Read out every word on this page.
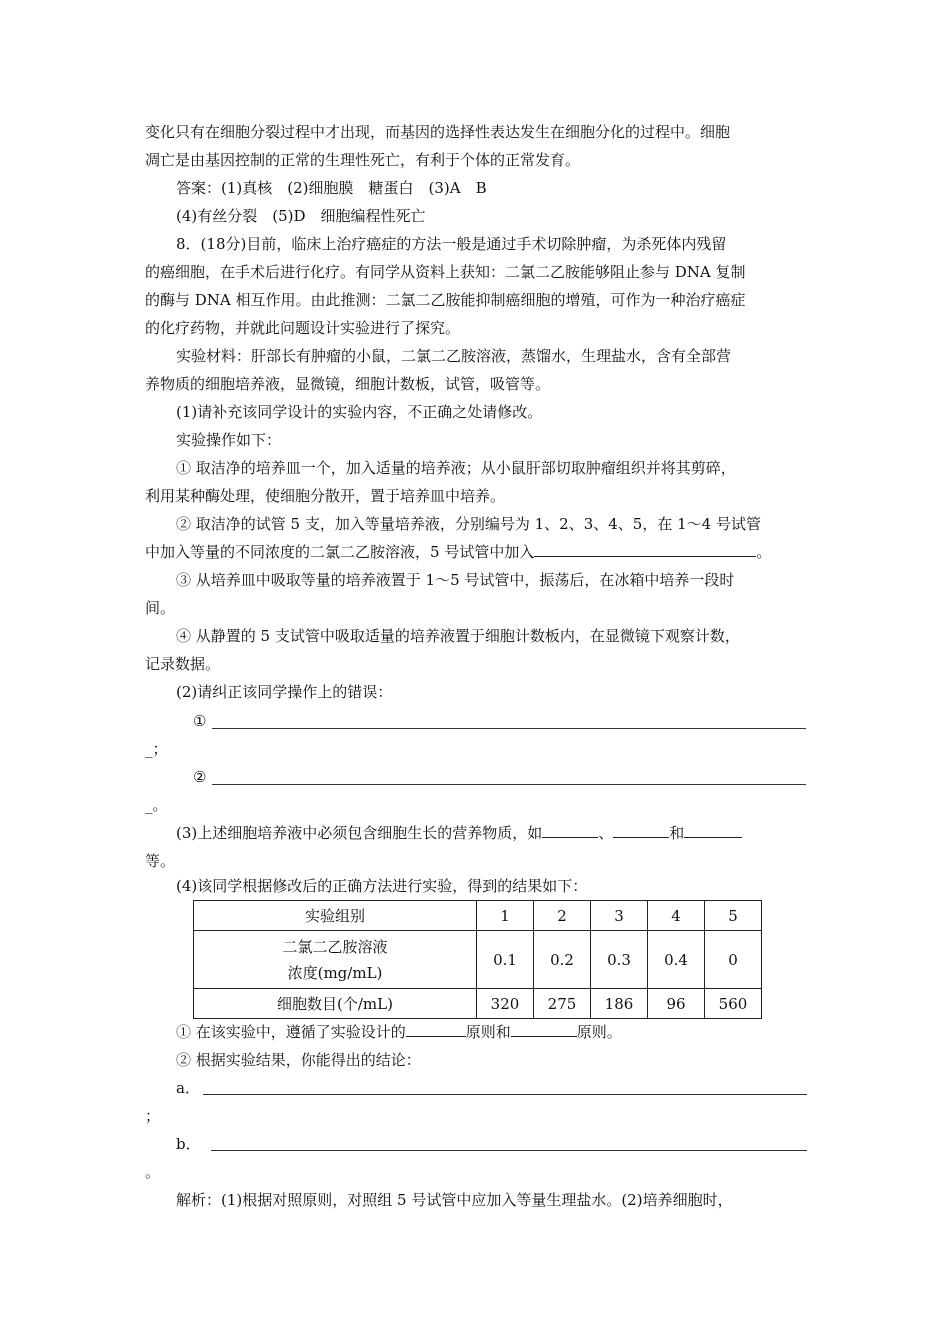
变化只有在细胞分裂过程中才出现，而基因的选择性表达发生在细胞分化的过程中。细胞
凋亡是由基因控制的正常的生理性死亡，有利于个体的正常发育。
答案：(1)真核　(2)细胞膜　糖蛋白　(3)A　B
(4)有丝分裂　(5)D　细胞编程性死亡
8．(18分)目前，临床上治疗癌症的方法一般是通过手术切除肿瘤，为杀死体内残留
的癌细胞，在手术后进行化疗。有同学从资料上获知：二氯二乙胺能够阻止参与 DNA 复制
的酶与 DNA 相互作用。由此推测：二氯二乙胺能抑制癌细胞的增殖，可作为一种治疗癌症
的化疗药物，并就此问题设计实验进行了探究。
实验材料：肝部长有肿瘤的小鼠，二氯二乙胺溶液，蒸馏水，生理盐水，含有全部营
养物质的细胞培养液，显微镜，细胞计数板，试管，吸管等。
(1)请补充该同学设计的实验内容，不正确之处请修改。
实验操作如下：
① 取洁净的培养皿一个，加入适量的培养液；从小鼠肝部切取肿瘤组织并将其剪碎，
利用某种酶处理，使细胞分散开，置于培养皿中培养。
② 取洁净的试管 5 支，加入等量培养液，分别编号为 1、2、3、4、5，在 1～4 号试管
中加入等量的不同浓度的二氯二乙胺溶液，5 号试管中加入	。
③ 从培养皿中吸取等量的培养液置于 1～5 号试管中，振荡后，在冰箱中培养一段时
间。
④ 从静置的 5 支试管中吸取适量的培养液置于细胞计数板内，在显微镜下观察计数，
记录数据。
(2)请纠正该同学操作上的错误：
①
_；
②
_。
(3)上述细胞培养液中必须包含细胞生长的营养物质，如	、	和
等。
(4)该同学根据修改后的正确方法进行实验，得到的结果如下：
实验组别	1	2	3	4	5

二氯二乙胺溶液
浓度(mg/mL)	0.1	0.2	0.3	0.4	0
细胞数目(个/mL)	320	275	186	96	560
① 在该实验中，遵循了实验设计的	原则和	原则。
② 根据实验结果，你能得出的结论：
a．
；
b．
。
解析：(1)根据对照原则，对照组 5 号试管中应加入等量生理盐水。(2)培养细胞时，
